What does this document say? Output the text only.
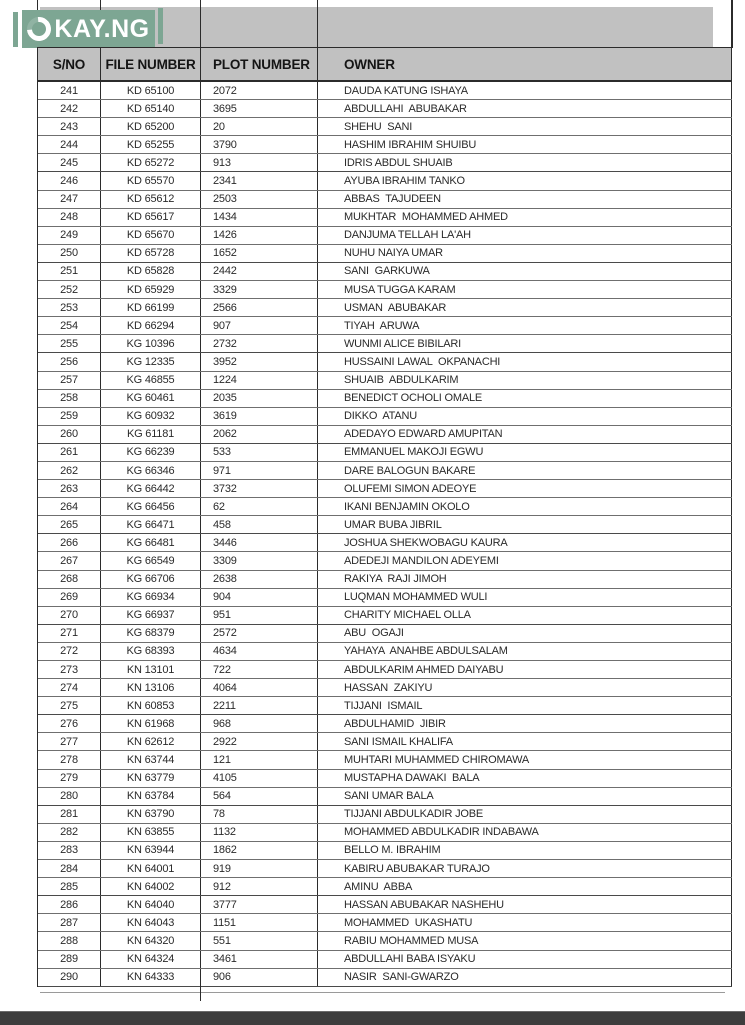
KAY.NG
S/NO	FILE NUMBER	PLOT NUMBER	OWNER
241	KD 65100	2072	DAUDA KATUNG ISHAYA
242	KD 65140	3695	ABDULLAHI  ABUBAKAR
243	KD 65200	20	SHEHU  SANI
244	KD 65255	3790	HASHIM IBRAHIM SHUIBU
245	KD 65272	913	IDRIS ABDUL SHUAIB
246	KD 65570	2341	AYUBA IBRAHIM TANKO
247	KD 65612	2503	ABBAS  TAJUDEEN
248	KD 65617	1434	MUKHTAR  MOHAMMED AHMED
249	KD 65670	1426	DANJUMA TELLAH LA'AH
250	KD 65728	1652	NUHU NAIYA UMAR
251	KD 65828	2442	SANI  GARKUWA
252	KD 65929	3329	MUSA TUGGA KARAM
253	KD 66199	2566	USMAN  ABUBAKAR
254	KD 66294	907	TIYAH  ARUWA
255	KG 10396	2732	WUNMI ALICE BIBILARI
256	KG 12335	3952	HUSSAINI LAWAL  OKPANACHI
257	KG 46855	1224	SHUAIB  ABDULKARIM
258	KG 60461	2035	BENEDICT OCHOLI OMALE
259	KG 60932	3619	DIKKO  ATANU
260	KG 61181	2062	ADEDAYO EDWARD AMUPITAN
261	KG 66239	533	EMMANUEL MAKOJI EGWU
262	KG 66346	971	DARE BALOGUN BAKARE
263	KG 66442	3732	OLUFEMI SIMON ADEOYE
264	KG 66456	62	IKANI BENJAMIN OKOLO
265	KG 66471	458	UMAR BUBA JIBRIL
266	KG 66481	3446	JOSHUA SHEKWOBAGU KAURA
267	KG 66549	3309	ADEDEJI MANDILON ADEYEMI
268	KG 66706	2638	RAKIYA  RAJI JIMOH
269	KG 66934	904	LUQMAN MOHAMMED WULI
270	KG 66937	951	CHARITY MICHAEL OLLA
271	KG 68379	2572	ABU  OGAJI
272	KG 68393	4634	YAHAYA  ANAHBE ABDULSALAM
273	KN 13101	722	ABDULKARIM AHMED DAIYABU
274	KN 13106	4064	HASSAN  ZAKIYU
275	KN 60853	2211	TIJJANI  ISMAIL
276	KN 61968	968	ABDULHAMID  JIBIR
277	KN 62612	2922	SANI ISMAIL KHALIFA
278	KN 63744	121	MUHTARI MUHAMMED CHIROMAWA
279	KN 63779	4105	MUSTAPHA DAWAKI  BALA
280	KN 63784	564	SANI UMAR BALA
281	KN 63790	78	TIJJANI ABDULKADIR JOBE
282	KN 63855	1132	MOHAMMED ABDULKADIR INDABAWA
283	KN 63944	1862	BELLO M. IBRAHIM
284	KN 64001	919	KABIRU ABUBAKAR TURAJO
285	KN 64002	912	AMINU  ABBA
286	KN 64040	3777	HASSAN ABUBAKAR NASHEHU
287	KN 64043	1151	MOHAMMED  UKASHATU
288	KN 64320	551	RABIU MOHAMMED MUSA
289	KN 64324	3461	ABDULLAHI BABA ISYAKU
290	KN 64333	906	NASIR  SANI-GWARZO
